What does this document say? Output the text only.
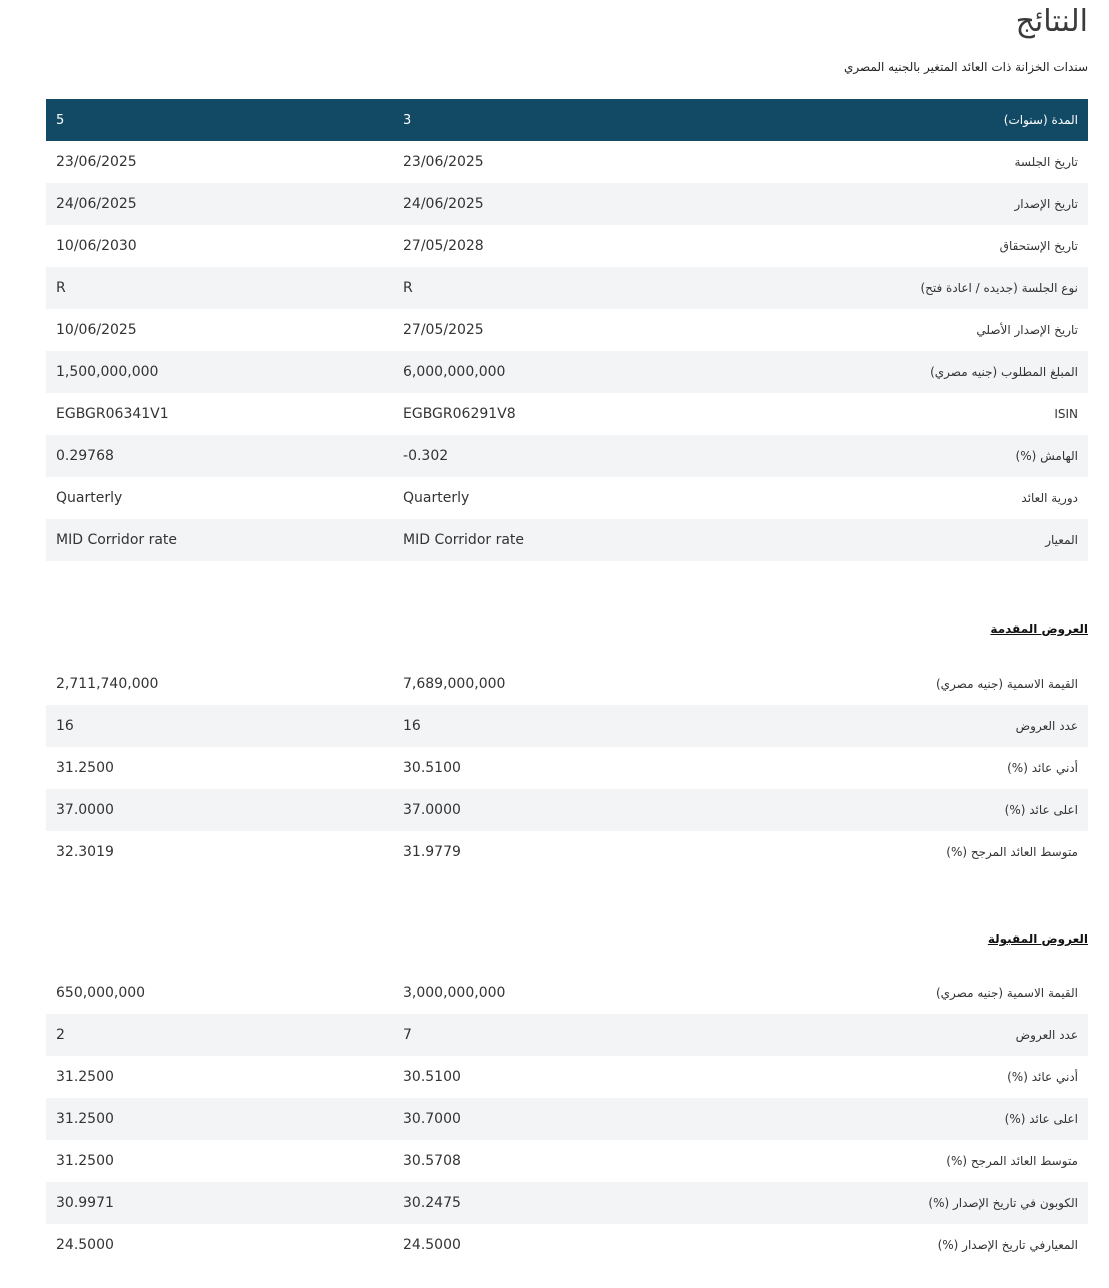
النتائج
سندات الخزانة ذات العائد المتغير بالجنيه المصري
المدة (سنوات)	3	5
تاريخ الجلسة	23/06/2025	23/06/2025
تاريخ الإصدار	24/06/2025	24/06/2025
تاريخ الإستحقاق	27/05/2028	10/06/2030
نوع الجلسة (جديده / اعادة فتح)	R	R
تاريخ الإصدار الأصلي	27/05/2025	10/06/2025
المبلغ المطلوب (جنيه مصري)	6,000,000,000	1,500,000,000
ISIN	EGBGR06291V8	EGBGR06341V1
الهامش (%)	0.302-	0.29768
دورية العائد	Quarterly	Quarterly
المعيار	MID Corridor rate	MID Corridor rate
العروض المقدمة
القيمة الاسمية (جنيه مصري)	7,689,000,000	2,711,740,000
عدد العروض	16	16
أدني عائد (%)	30.5100	31.2500
اعلى عائد (%)	37.0000	37.0000
متوسط العائد المرجح (%)	31.9779	32.3019
العروض المقبولة
القيمة الاسمية (جنيه مصري)	3,000,000,000	650,000,000
عدد العروض	7	2
أدني عائد (%)	30.5100	31.2500
اعلى عائد (%)	30.7000	31.2500
متوسط العائد المرجح (%)	30.5708	31.2500
الكوبون في تاريخ الإصدار (%)	30.2475	30.9971
المعيارفي تاريخ الإصدار (%)	24.5000	24.5000
